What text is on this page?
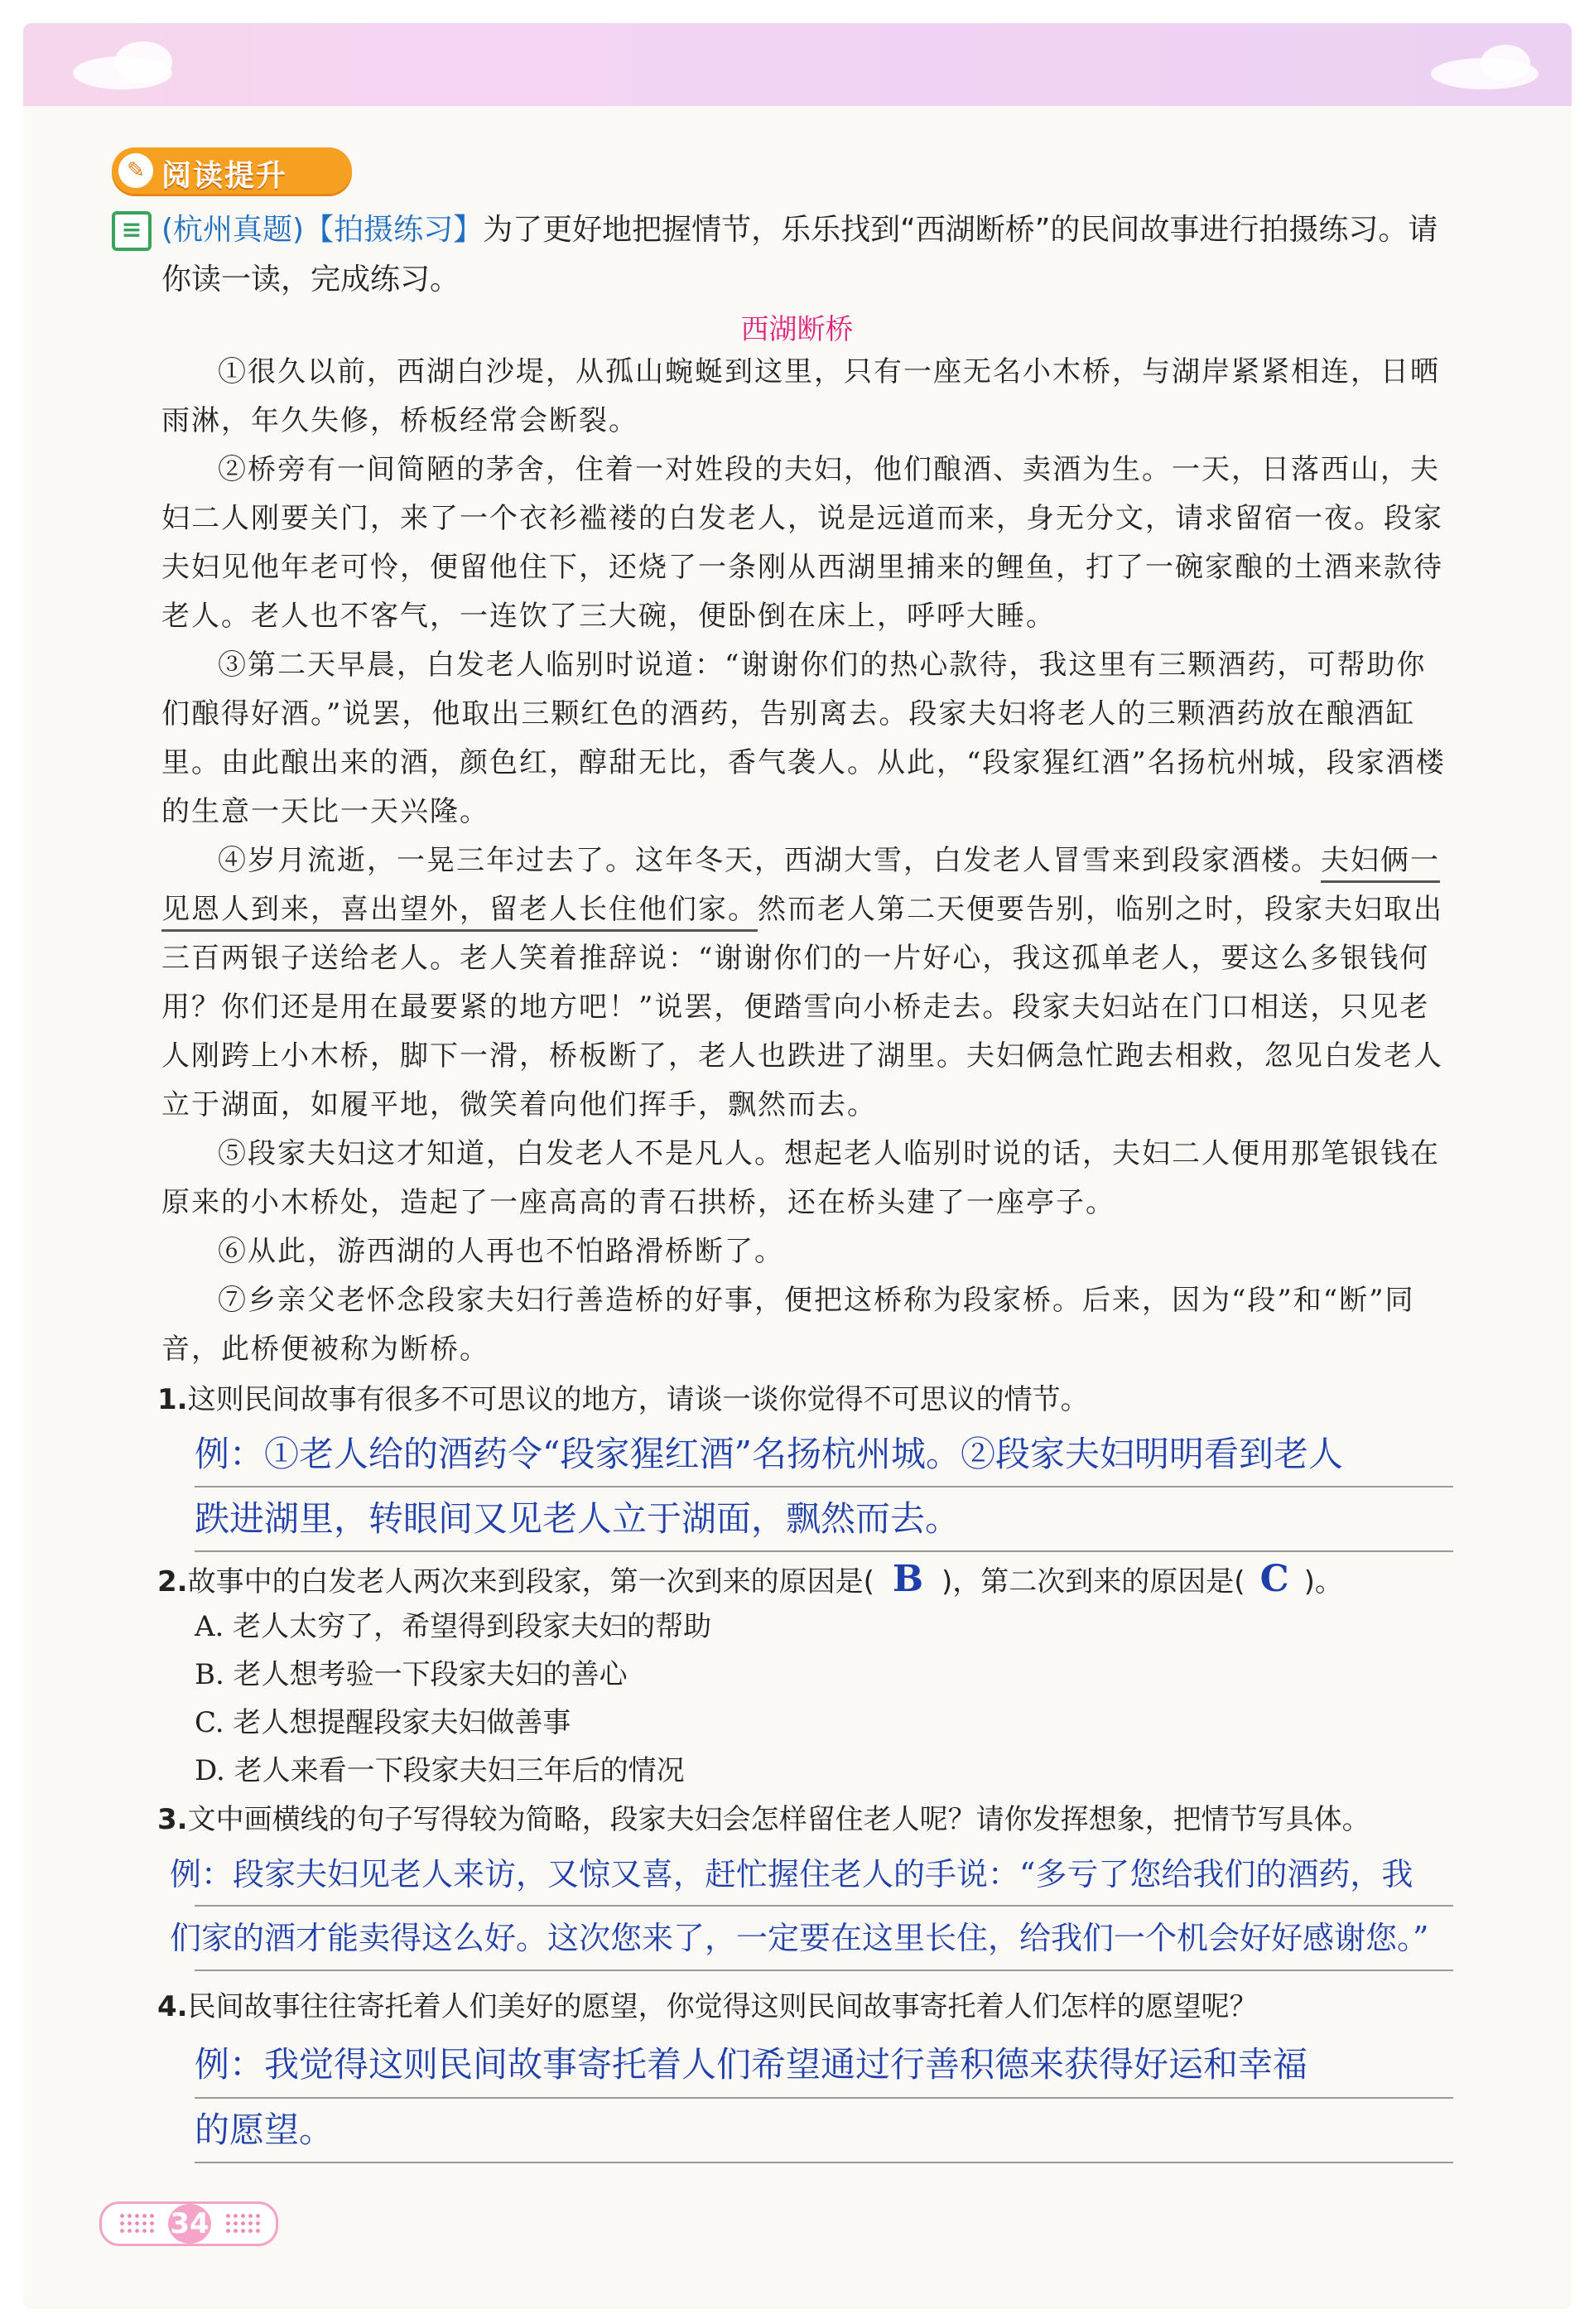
✎ 阅读提升
≡ (杭州真题)【拍摄练习】为了更好地把握情节，乐乐找到“西湖断桥”的民间故事进行拍摄练习。请你读一读，完成练习。
西湖断桥

①很久以前，西湖白沙堤，从孤山蜿蜒到这里，只有一座无名小木桥，与湖岸紧紧相连，日晒雨淋，年久失修，桥板经常会断裂。

②桥旁有一间简陋的茅舍，住着一对姓段的夫妇，他们酿酒、卖酒为生。一天，日落西山，夫妇二人刚要关门，来了一个衣衫褴褛的白发老人，说是远道而来，身无分文，请求留宿一夜。段家夫妇见他年老可怜，便留他住下，还烧了一条刚从西湖里捕来的鲤鱼，打了一碗家酿的土酒来款待老人。老人也不客气，一连饮了三大碗，便卧倒在床上，呼呼大睡。

③第二天早晨，白发老人临别时说道：“谢谢你们的热心款待，我这里有三颗酒药，可帮助你们酿得好酒。”说罢，他取出三颗红色的酒药，告别离去。段家夫妇将老人的三颗酒药放在酿酒缸里。由此酿出来的酒，颜色红，醇甜无比，香气袭人。从此，“段家猩红酒”名扬杭州城，段家酒楼的生意一天比一天兴隆。

④岁月流逝，一晃三年过去了。这年冬天，西湖大雪，白发老人冒雪来到段家酒楼。夫妇俩一见恩人到来，喜出望外，留老人长住他们家。然而老人第二天便要告别，临别之时，段家夫妇取出三百两银子送给老人。老人笑着推辞说：“谢谢你们的一片好心，我这孤单老人，要这么多银钱何用？你们还是用在最要紧的地方吧！”说罢，便踏雪向小桥走去。段家夫妇站在门口相送，只见老人刚跨上小木桥，脚下一滑，桥板断了，老人也跌进了湖里。夫妇俩急忙跑去相救，忽见白发老人立于湖面，如履平地，微笑着向他们挥手，飘然而去。

⑤段家夫妇这才知道，白发老人不是凡人。想起老人临别时说的话，夫妇二人便用那笔银钱在原来的小木桥处，造起了一座高高的青石拱桥，还在桥头建了一座亭子。

⑥从此，游西湖的人再也不怕路滑桥断了。

⑦乡亲父老怀念段家夫妇行善造桥的好事，便把这桥称为段家桥。后来，因为“段”和“断”同音，此桥便被称为断桥。

1.这则民间故事有很多不可思议的地方，请谈一谈你觉得不可思议的情节。
例：①老人给的酒药令“段家猩红酒”名扬杭州城。②段家夫妇明明看到老人
跌进湖里，转眼间又见老人立于湖面，飘然而去。
2.故事中的白发老人两次来到段家，第一次到来的原因是( B )，第二次到来的原因是( C )。
A. 老人太穷了，希望得到段家夫妇的帮助
B. 老人想考验一下段家夫妇的善心
C. 老人想提醒段家夫妇做善事
D. 老人来看一下段家夫妇三年后的情况
3.文中画横线的句子写得较为简略，段家夫妇会怎样留住老人呢？请你发挥想象，把情节写具体。
例：段家夫妇见老人来访，又惊又喜，赶忙握住老人的手说：“多亏了您给我们的酒药，我
们家的酒才能卖得这么好。这次您来了，一定要在这里长住，给我们一个机会好好感谢您。”
4.民间故事往往寄托着人们美好的愿望，你觉得这则民间故事寄托着人们怎样的愿望呢？
例：我觉得这则民间故事寄托着人们希望通过行善积德来获得好运和幸福
的愿望。
34
